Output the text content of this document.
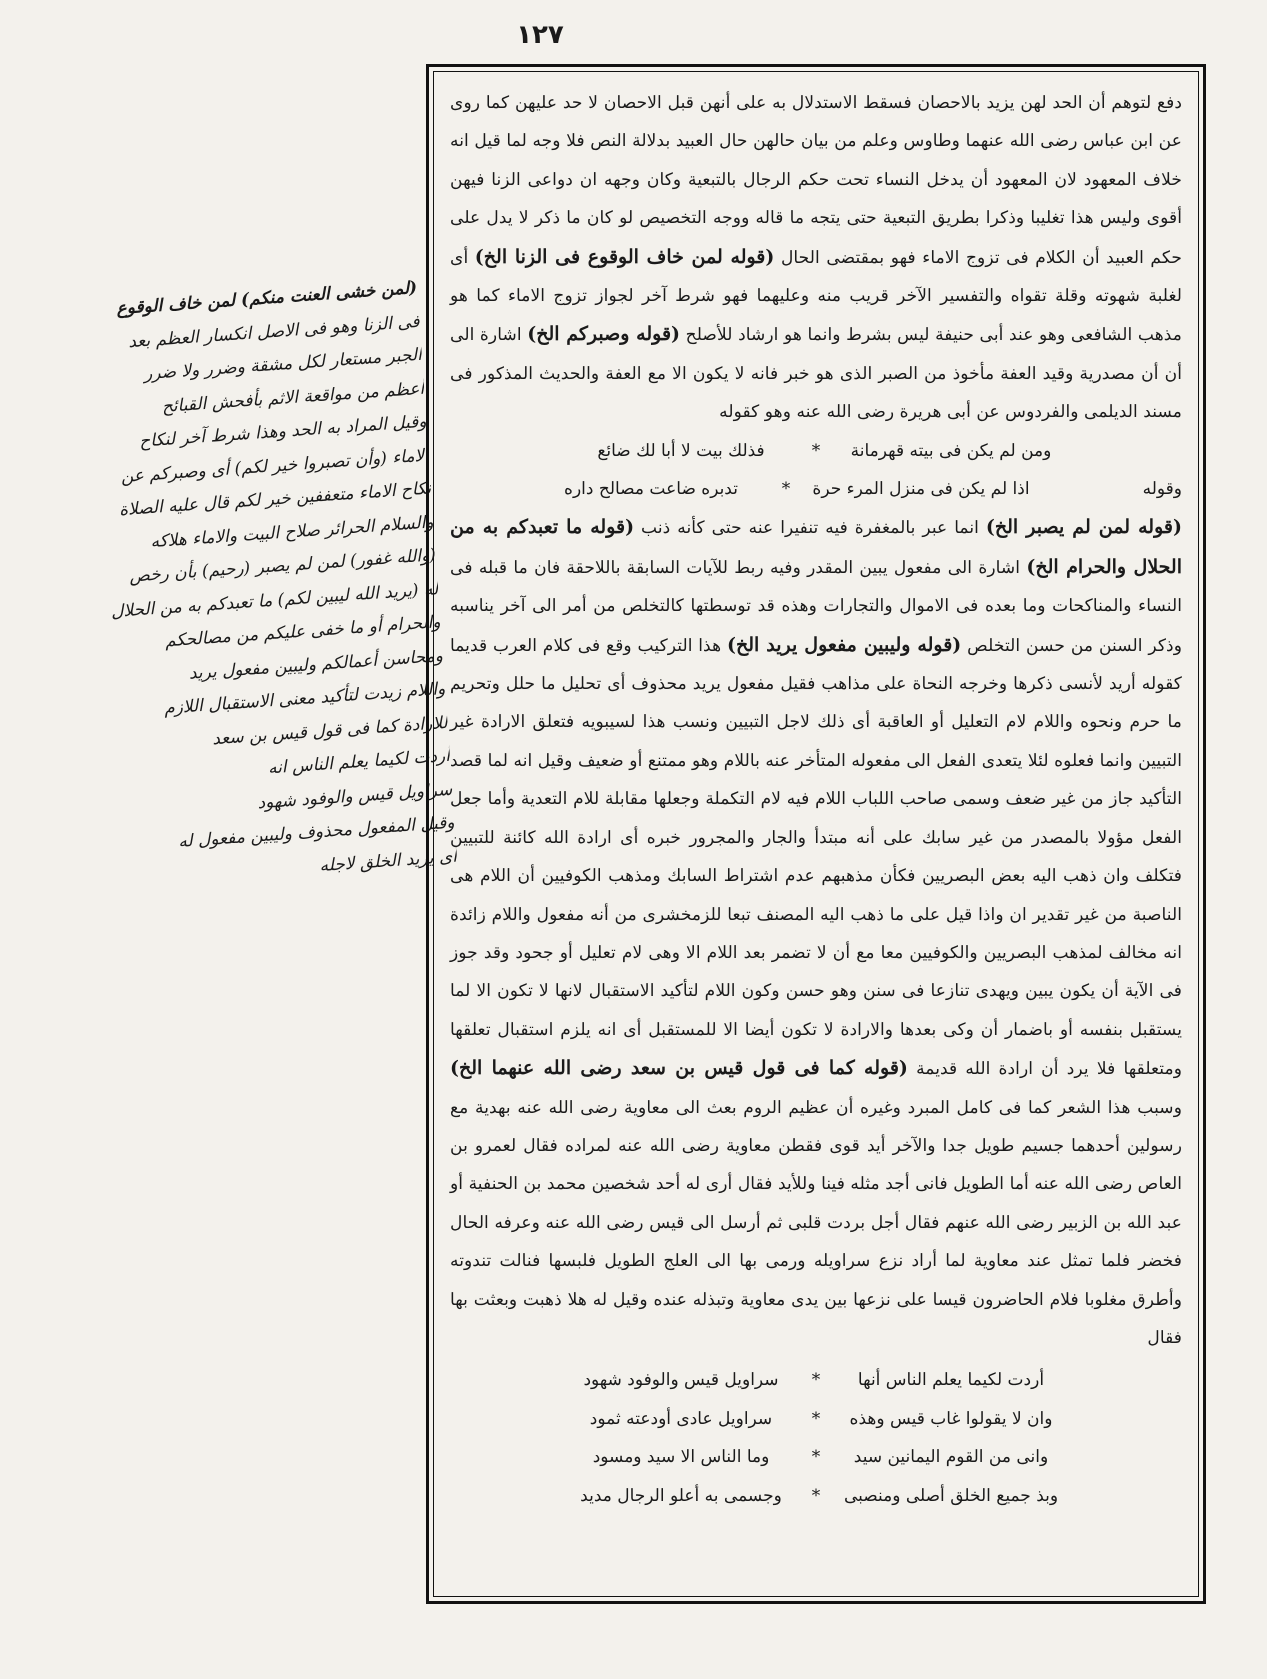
١٢٧
(لمن خشى العنت منكم) لمن خاف الوقوع
فى الزنا وهو فى الاصل انكسار العظم بعد
الجبر مستعار لكل مشقة وضرر ولا ضرر
أعظم من مواقعة الاثم بأفحش القبائح
وقيل المراد به الحد وهذا شرط آخر لنكاح
الاماء (وأن تصبروا خير لكم) أى وصبركم عن
نكاح الاماء متعففين خير لكم قال عليه الصلاة
والسلام الحرائر صلاح البيت والاماء هلاكه
(والله غفور) لمن لم يصبر (رحيم) بأن رخص
له (يريد الله ليبين لكم) ما تعبدكم به من الحلال
والحرام أو ما خفى عليكم من مصالحكم
ومحاسن أعمالكم وليبين مفعول يريد
واللام زيدت لتأكيد معنى الاستقبال اللازم
للارادة كما فى قول قيس بن سعد
أردت لكيما يعلم الناس انه
سراويل قيس والوفود شهود
وقيل المفعول محذوف وليبين مفعول له
أى يريد الخلق لاجله

دفع لتوهم أن الحد لهن يزيد بالاحصان فسقط الاستدلال به على أنهن قبل الاحصان لا حد عليهن كما روى عن ابن عباس رضى الله عنهما وطاوس وعلم من بيان حالهن حال العبيد بدلالة النص فلا وجه لما قيل انه خلاف المعهود لان المعهود أن يدخل النساء تحت حكم الرجال بالتبعية وكان وجهه ان دواعى الزنا فيهن أقوى وليس هذا تغليبا وذكرا بطريق التبعية حتى يتجه ما قاله ووجه التخصيص لو كان ما ذكر لا يدل على حكم العبيد أن الكلام فى تزوج الاماء فهو بمقتضى الحال (قوله لمن خاف الوقوع فى الزنا الخ) أى لغلبة شهوته وقلة تقواه والتفسير الآخر قريب منه وعليهما فهو شرط آخر لجواز تزوج الاماء كما هو مذهب الشافعى وهو عند أبى حنيفة ليس بشرط وانما هو ارشاد للأصلح (قوله وصبركم الخ) اشارة الى أن أن مصدرية وقيد العفة مأخوذ من الصبر الذى هو خبر فانه لا يكون الا مع العفة والحديث المذكور فى مسند الديلمى والفردوس عن أبى هريرة رضى الله عنه وهو كقوله

ومن لم يكن فى بيته قهرمانة
*
فذلك بيت لا أبا لك ضائع
وقوله
اذا لم يكن فى منزل المرء حرة
*
تدبره ضاعت مصالح داره

(قوله لمن لم يصبر الخ) انما عبر بالمغفرة فيه تنفيرا عنه حتى كأنه ذنب (قوله ما تعبدكم به من الحلال والحرام الخ) اشارة الى مفعول يبين المقدر وفيه ربط للآيات السابقة باللاحقة فان ما قبله فى النساء والمناكحات وما بعده فى الاموال والتجارات وهذه قد توسطتها كالتخلص من أمر الى آخر يناسبه وذكر السنن من حسن التخلص (قوله وليبين مفعول يريد الخ) هذا التركيب وقع فى كلام العرب قديما كقوله أريد لأنسى ذكرها وخرجه النحاة على مذاهب فقيل مفعول يريد محذوف أى تحليل ما حلل وتحريم ما حرم ونحوه واللام لام التعليل أو العاقبة أى ذلك لاجل التبيين ونسب هذا لسيبويه فتعلق الارادة غير التبيين وانما فعلوه لئلا يتعدى الفعل الى مفعوله المتأخر عنه باللام وهو ممتنع أو ضعيف وقيل انه لما قصد التأكيد جاز من غير ضعف وسمى صاحب اللباب اللام فيه لام التكملة وجعلها مقابلة للام التعدية وأما جعل الفعل مؤولا بالمصدر من غير سابك على أنه مبتدأ والجار والمجرور خبره أى ارادة الله كائنة للتبيين فتكلف وان ذهب اليه بعض البصريين فكأن مذهبهم عدم اشتراط السابك ومذهب الكوفيين أن اللام هى الناصبة من غير تقدير ان واذا قيل على ما ذهب اليه المصنف تبعا للزمخشرى من أنه مفعول واللام زائدة انه مخالف لمذهب البصريين والكوفيين معا مع أن لا تضمر بعد اللام الا وهى لام تعليل أو جحود وقد جوز فى الآية أن يكون يبين ويهدى تنازعا فى سنن وهو حسن وكون اللام لتأكيد الاستقبال لانها لا تكون الا لما يستقبل بنفسه أو باضمار أن وكى بعدها والارادة لا تكون أيضا الا للمستقبل أى انه يلزم استقبال تعلقها ومتعلقها فلا يرد أن ارادة الله قديمة (قوله كما فى قول قيس بن سعد رضى الله عنهما الخ) وسبب هذا الشعر كما فى كامل المبرد وغيره أن عظيم الروم بعث الى معاوية رضى الله عنه بهدية مع رسولين أحدهما جسيم طويل جدا والآخر أيد قوى فقطن معاوية رضى الله عنه لمراده فقال لعمرو بن العاص رضى الله عنه أما الطويل فانى أجد مثله فينا وللأيد فقال أرى له أحد شخصين محمد بن الحنفية أو عبد الله بن الزبير رضى الله عنهم فقال أجل بردت قلبى ثم أرسل الى قيس رضى الله عنه وعرفه الحال فخضر فلما تمثل عند معاوية لما أراد نزع سراويله ورمى بها الى العلج الطويل فلبسها فنالت تندوته وأطرق مغلوبا فلام الحاضرون قيسا على نزعها بين يدى معاوية وتبذله عنده وقيل له هلا ذهبت وبعثت بها فقال

أردت لكيما يعلم الناس أنها
*
سراويل قيس والوفود شهود
وان لا يقولوا غاب قيس وهذه
*
سراويل عادى أودعته ثمود
وانى من القوم اليمانين سيد
*
وما الناس الا سيد ومسود
وبذ جميع الخلق أصلى ومنصبى
*
وجسمى به أعلو الرجال مديد
